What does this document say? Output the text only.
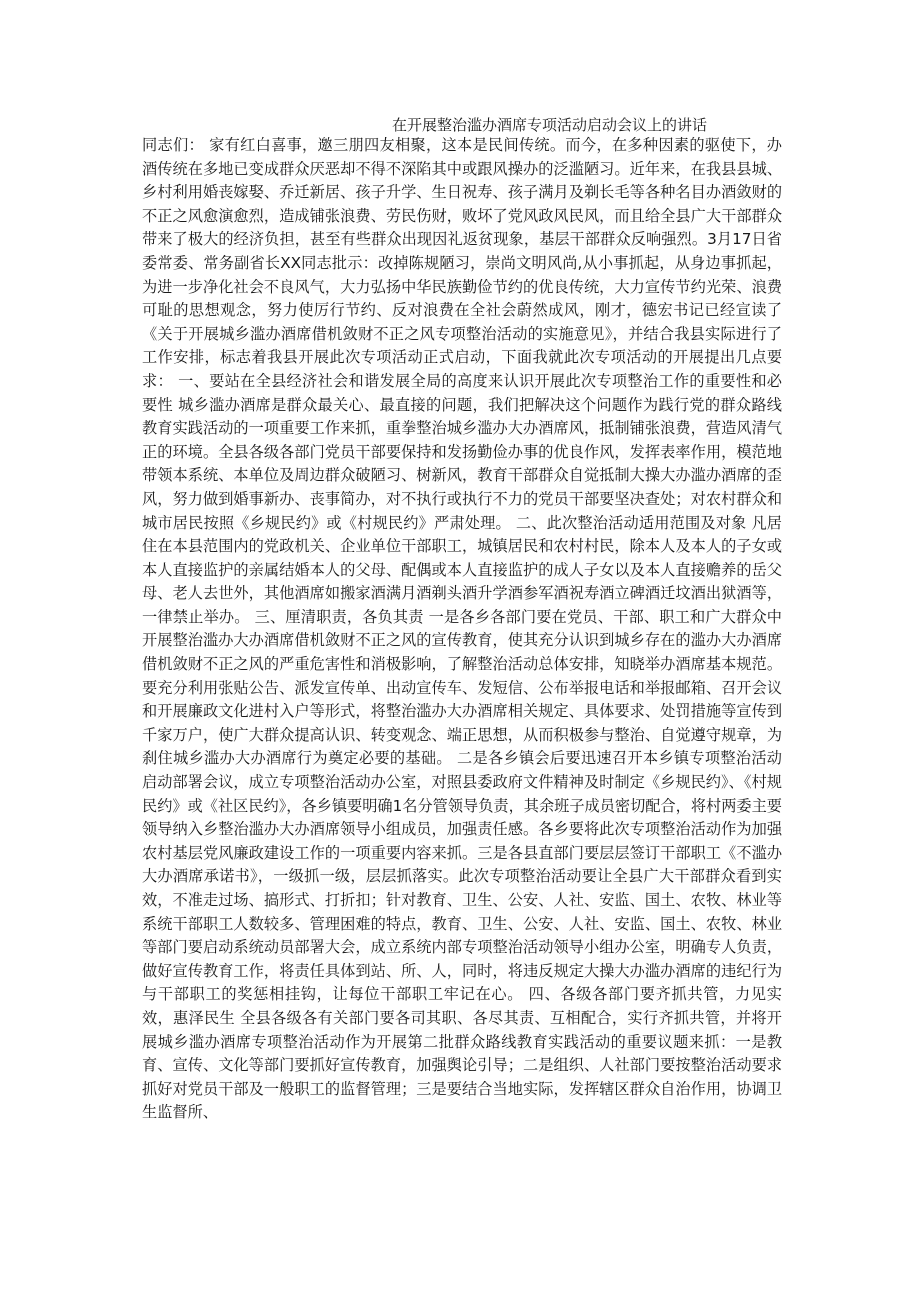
在开展整治滥办酒席专项活动启动会议上的讲话

同志们： 家有红白喜事，邀三朋四友相聚，这本是民间传统。而今，在多种因素的驱使下，办酒传统在多地已变成群众厌恶却不得不深陷其中或跟风操办的泛滥陋习。近年来，在我县县城、乡村利用婚丧嫁娶、乔迁新居、孩子升学、生日祝寿、孩子满月及剃长毛等各种名目办酒敛财的不正之风愈演愈烈，造成铺张浪费、劳民伤财，败坏了党风政风民风，而且给全县广大干部群众带来了极大的经济负担，甚至有些群众出现因礼返贫现象，基层干部群众反响强烈。3月17日省委常委、常务副省长XX同志批示：改掉陈规陋习，崇尚文明风尚,从小事抓起，从身边事抓起，为进一步净化社会不良风气，大力弘扬中华民族勤俭节约的优良传统，大力宣传节约光荣、浪费可耻的思想观念，努力使厉行节约、反对浪费在全社会蔚然成风，刚才，德宏书记已经宣读了《关于开展城乡滥办酒席借机敛财不正之风专项整治活动的实施意见》，并结合我县实际进行了工作安排，标志着我县开展此次专项活动正式启动，下面我就此次专项活动的开展提出几点要求： 一、要站在全县经济社会和谐发展全局的高度来认识开展此次专项整治工作的重要性和必要性 城乡滥办酒席是群众最关心、最直接的问题，我们把解决这个问题作为践行党的群众路线教育实践活动的一项重要工作来抓，重拳整治城乡滥办大办酒席风，抵制铺张浪费，营造风清气正的环境。全县各级各部门党员干部要保持和发扬勤俭办事的优良作风，发挥表率作用，模范地带领本系统、本单位及周边群众破陋习、树新风，教育干部群众自觉抵制大操大办滥办酒席的歪风，努力做到婚事新办、丧事简办，对不执行或执行不力的党员干部要坚决查处；对农村群众和城市居民按照《乡规民约》或《村规民约》严肃处理。 二、此次整治活动适用范围及对象 凡居住在本县范围内的党政机关、企业单位干部职工，城镇居民和农村村民，除本人及本人的子女或本人直接监护的亲属结婚本人的父母、配偶或本人直接监护的成人子女以及本人直接赡养的岳父母、老人去世外，其他酒席如搬家酒满月酒剃头酒升学酒参军酒祝寿酒立碑酒迁坟酒出狱酒等，一律禁止举办。 三、厘清职责，各负其责 一是各乡各部门要在党员、干部、职工和广大群众中开展整治滥办大办酒席借机敛财不正之风的宣传教育，使其充分认识到城乡存在的滥办大办酒席借机敛财不正之风的严重危害性和消极影响，了解整治活动总体安排，知晓举办酒席基本规范。要充分利用张贴公告、派发宣传单、出动宣传车、发短信、公布举报电话和举报邮箱、召开会议和开展廉政文化进村入户等形式，将整治滥办大办酒席相关规定、具体要求、处罚措施等宣传到千家万户，使广大群众提高认识、转变观念、端正思想，从而积极参与整治、自觉遵守规章，为刹住城乡滥办大办酒席行为奠定必要的基础。 二是各乡镇会后要迅速召开本乡镇专项整治活动启动部署会议，成立专项整治活动办公室，对照县委政府文件精神及时制定《乡规民约》、《村规民约》或《社区民约》，各乡镇要明确1名分管领导负责，其余班子成员密切配合，将村两委主要领导纳入乡整治滥办大办酒席领导小组成员，加强责任感。各乡要将此次专项整治活动作为加强农村基层党风廉政建设工作的一项重要内容来抓。三是各县直部门要层层签订干部职工《不滥办大办酒席承诺书》，一级抓一级，层层抓落实。此次专项整治活动要让全县广大干部群众看到实效，不准走过场、搞形式、打折扣；针对教育、卫生、公安、人社、安监、国土、农牧、林业等系统干部职工人数较多、管理困难的特点，教育、卫生、公安、人社、安监、国土、农牧、林业等部门要启动系统动员部署大会，成立系统内部专项整治活动领导小组办公室，明确专人负责，做好宣传教育工作，将责任具体到站、所、人，同时，将违反规定大操大办滥办酒席的违纪行为与干部职工的奖惩相挂钩，让每位干部职工牢记在心。 四、各级各部门要齐抓共管，力见实效，惠泽民生 全县各级各有关部门要各司其职、各尽其责、互相配合，实行齐抓共管，并将开展城乡滥办酒席专项整治活动作为开展第二批群众路线教育实践活动的重要议题来抓：一是教育、宣传、文化等部门要抓好宣传教育，加强舆论引导；二是组织、人社部门要按整治活动要求抓好对党员干部及一般职工的监督管理；三是要结合当地实际，发挥辖区群众自治作用，协调卫生监督所、
